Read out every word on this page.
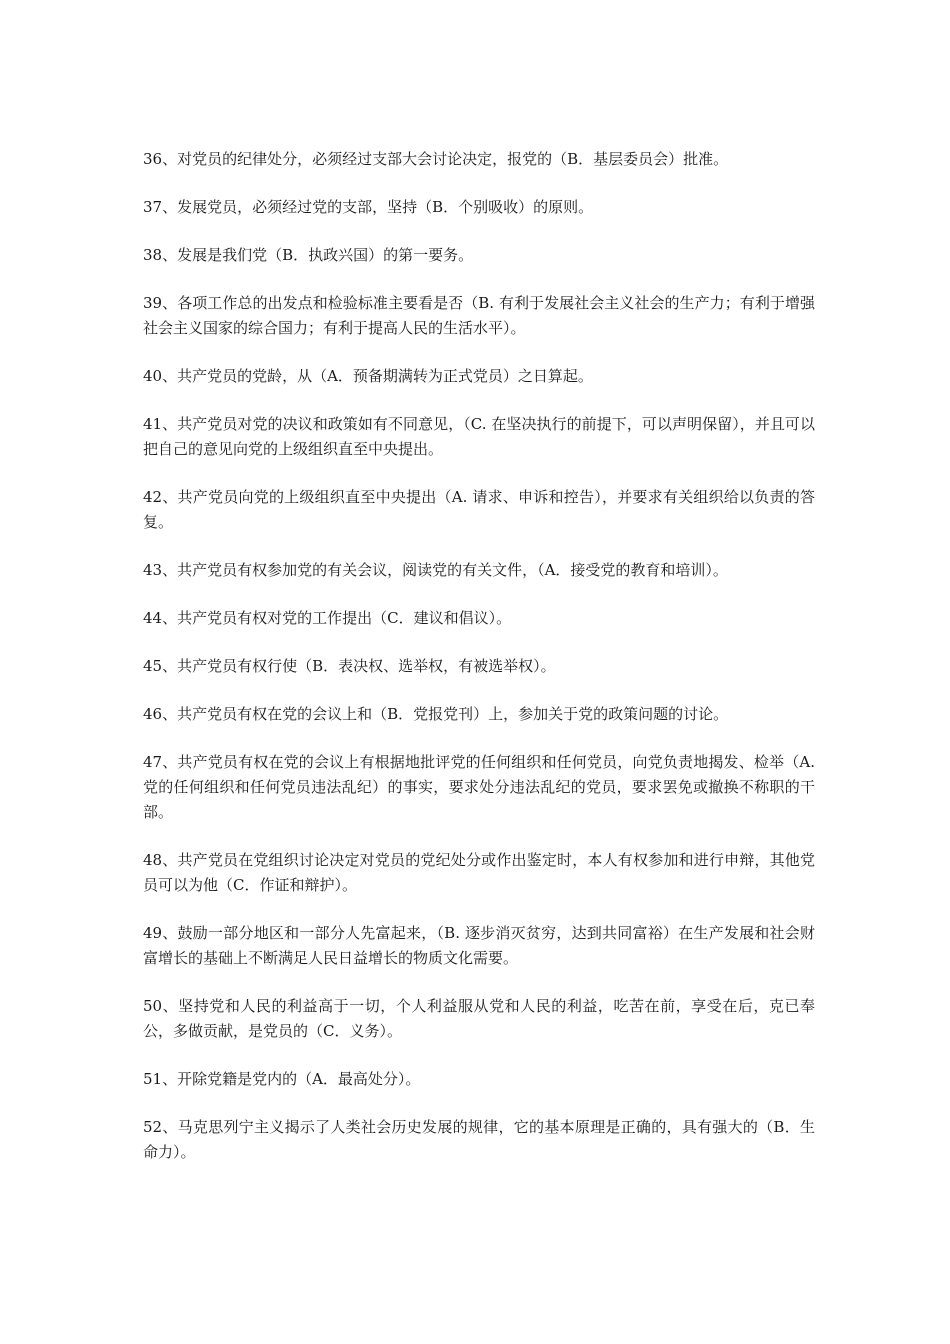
36、对党员的纪律处分，必须经过支部大会讨论决定，报党的（B．基层委员会）批准。

37、发展党员，必须经过党的支部，坚持（B．个别吸收）的原则。

38、发展是我们党（B．执政兴国）的第一要务。

39、各项工作总的出发点和检验标准主要看是否（B. 有利于发展社会主义社会的生产力；有利于增强社会主义国家的综合国力；有利于提高人民的生活水平）。

40、共产党员的党龄，从（A．预备期满转为正式党员）之日算起。

41、共产党员对党的决议和政策如有不同意见，（C. 在坚决执行的前提下，可以声明保留），并且可以把自己的意见向党的上级组织直至中央提出。

42、共产党员向党的上级组织直至中央提出（A. 请求、申诉和控告），并要求有关组织给以负责的答复。

43、共产党员有权参加党的有关会议，阅读党的有关文件，（A．接受党的教育和培训）。

44、共产党员有权对党的工作提出（C．建议和倡议）。

45、共产党员有权行使（B．表决权、选举权，有被选举权）。

46、共产党员有权在党的会议上和（B．党报党刊）上，参加关于党的政策问题的讨论。

47、共产党员有权在党的会议上有根据地批评党的任何组织和任何党员，向党负责地揭发、检举（A. 党的任何组织和任何党员违法乱纪）的事实，要求处分违法乱纪的党员，要求罢免或撤换不称职的干部。

48、共产党员在党组织讨论决定对党员的党纪处分或作出鉴定时，本人有权参加和进行申辩，其他党员可以为他（C．作证和辩护）。

49、鼓励一部分地区和一部分人先富起来，（B. 逐步消灭贫穷，达到共同富裕）在生产发展和社会财富增长的基础上不断满足人民日益增长的物质文化需要。

50、坚持党和人民的利益高于一切，个人利益服从党和人民的利益，吃苦在前，享受在后，克已奉公，多做贡献，是党员的（C．义务）。

51、开除党籍是党内的（A．最高处分）。

52、马克思列宁主义揭示了人类社会历史发展的规律，它的基本原理是正确的，具有强大的（B．生命力）。
